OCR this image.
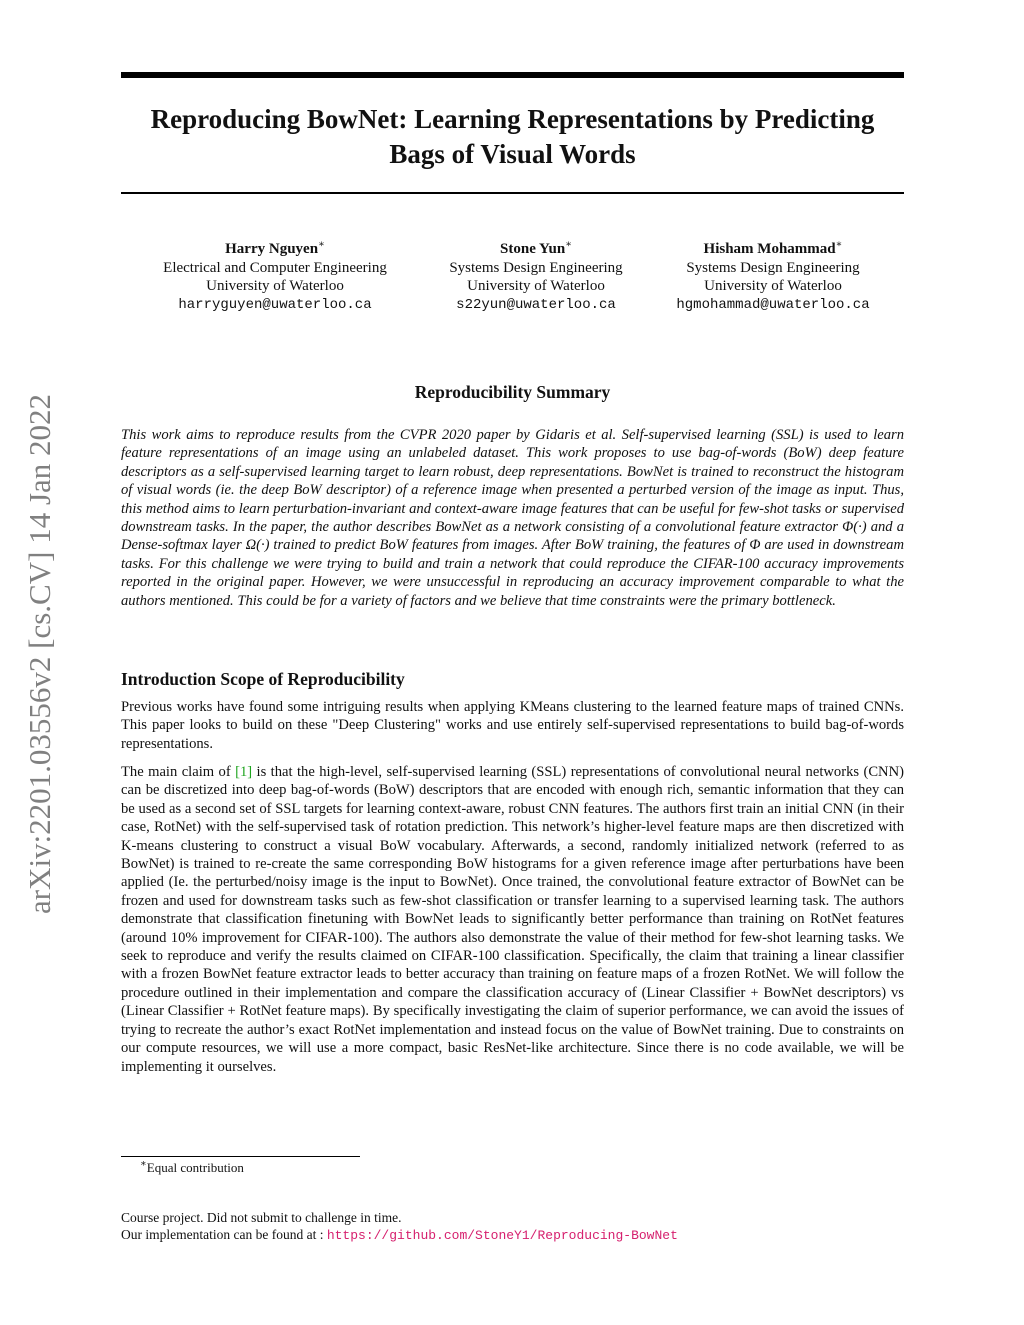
Reproducing BowNet: Learning Representations by Predicting Bags of Visual Words
Harry Nguyen∗
Electrical and Computer Engineering
University of Waterloo
harryguyen@uwaterloo.ca
Stone Yun∗
Systems Design Engineering
University of Waterloo
s22yun@uwaterloo.ca
Hisham Mohammad∗
Systems Design Engineering
University of Waterloo
hgmohammad@uwaterloo.ca
arXiv:2201.03556v2 [cs.CV] 14 Jan 2022
Reproducibility Summary

This work aims to reproduce results from the CVPR 2020 paper by Gidaris et al. Self-supervised learning (SSL) is used to learn feature representations of an image using an unlabeled dataset. This work proposes to use bag-of-words (BoW) deep feature descriptors as a self-supervised learning target to learn robust, deep representations. BowNet is trained to reconstruct the histogram of visual words (ie. the deep BoW descriptor) of a reference image when presented a perturbed version of the image as input. Thus, this method aims to learn perturbation-invariant and context-aware image features that can be useful for few-shot tasks or supervised downstream tasks. In the paper, the author describes BowNet as a network consisting of a convolutional feature extractor Φ(·) and a Dense-softmax layer Ω(·) trained to predict BoW features from images. After BoW training, the features of Φ are used in downstream tasks. For this challenge we were trying to build and train a network that could reproduce the CIFAR-100 accuracy improvements reported in the original paper. However, we were unsuccessful in reproducing an accuracy improvement comparable to what the authors mentioned. This could be for a variety of factors and we believe that time constraints were the primary bottleneck.

Introduction Scope of Reproducibility

Previous works have found some intriguing results when applying KMeans clustering to the learned feature maps of trained CNNs. This paper looks to build on these "Deep Clustering" works and use entirely self-supervised representations to build bag-of-words representations.

The main claim of [1] is that the high-level, self-supervised learning (SSL) representations of convolutional neural networks (CNN) can be discretized into deep bag-of-words (BoW) descriptors that are encoded with enough rich, semantic information that they can be used as a second set of SSL targets for learning context-aware, robust CNN features. The authors first train an initial CNN (in their case, RotNet) with the self-supervised task of rotation prediction. This network’s higher-level feature maps are then discretized with K-means clustering to construct a visual BoW vocabulary. Afterwards, a second, randomly initialized network (referred to as BowNet) is trained to re-create the same corresponding BoW histograms for a given reference image after perturbations have been applied (Ie. the perturbed/noisy image is the input to BowNet). Once trained, the convolutional feature extractor of BowNet can be frozen and used for downstream tasks such as few-shot classification or transfer learning to a supervised learning task. The authors demonstrate that classification finetuning with BowNet leads to significantly better performance than training on RotNet features (around 10% improvement for CIFAR-100). The authors also demonstrate the value of their method for few-shot learning tasks. We seek to reproduce and verify the results claimed on CIFAR-100 classification. Specifically, the claim that training a linear classifier with a frozen BowNet feature extractor leads to better accuracy than training on feature maps of a frozen RotNet. We will follow the procedure outlined in their implementation and compare the classification accuracy of (Linear Classifier + BowNet descriptors) vs (Linear Classifier + RotNet feature maps). By specifically investigating the claim of superior performance, we can avoid the issues of trying to recreate the author’s exact RotNet implementation and instead focus on the value of BowNet training. Due to constraints on our compute resources, we will use a more compact, basic ResNet-like architecture. Since there is no code available, we will be implementing it ourselves.

∗Equal contribution

Course project. Did not submit to challenge in time.
Our implementation can be found at : https://github.com/StoneY1/Reproducing-BowNet
